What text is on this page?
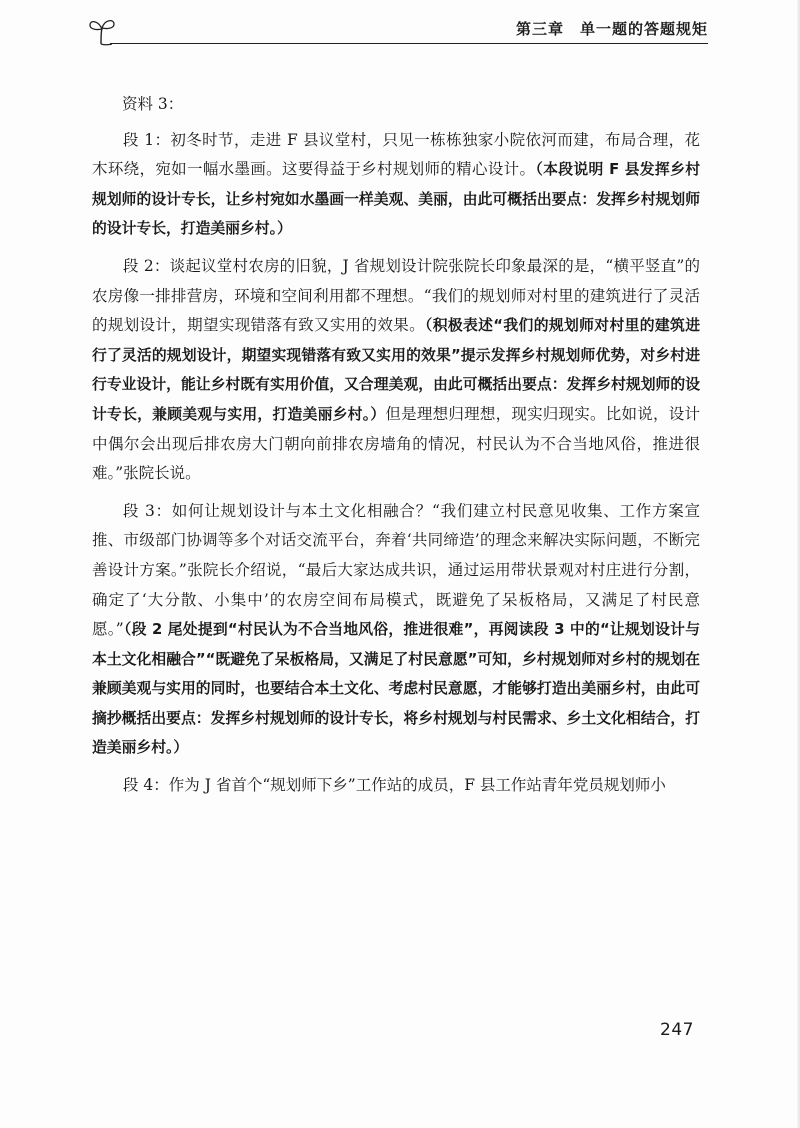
第三章 单一题的答题规矩

资料 3：

段 1：初冬时节，走进 F 县议堂村，只见一栋栋独家小院依河而建，布局合理，花木环绕，宛如一幅水墨画。这要得益于乡村规划师的精心设计。（本段说明 F 县发挥乡村规划师的设计专长，让乡村宛如水墨画一样美观、美丽，由此可概括出要点：发挥乡村规划师的设计专长，打造美丽乡村。）

段 2：谈起议堂村农房的旧貌，J 省规划设计院张院长印象最深的是，“横平竖直”的农房像一排排营房，环境和空间利用都不理想。“我们的规划师对村里的建筑进行了灵活的规划设计，期望实现错落有致又实用的效果。（积极表述“我们的规划师对村里的建筑进行了灵活的规划设计，期望实现错落有致又实用的效果”提示发挥乡村规划师优势，对乡村进行专业设计，能让乡村既有实用价值，又合理美观，由此可概括出要点：发挥乡村规划师的设计专长，兼顾美观与实用，打造美丽乡村。）但是理想归理想，现实归现实。比如说，设计中偶尔会出现后排农房大门朝向前排农房墙角的情况，村民认为不合当地风俗，推进很难。”张院长说。

段 3：如何让规划设计与本土文化相融合？“我们建立村民意见收集、工作方案宣推、市级部门协调等多个对话交流平台，奔着‘共同缔造’的理念来解决实际问题，不断完善设计方案。”张院长介绍说，“最后大家达成共识，通过运用带状景观对村庄进行分割，确定了‘大分散、小集中’的农房空间布局模式，既避免了呆板格局，又满足了村民意愿。”（段 2 尾处提到“村民认为不合当地风俗，推进很难”，再阅读段 3 中的“让规划设计与本土文化相融合”“既避免了呆板格局，又满足了村民意愿”可知，乡村规划师对乡村的规划在兼顾美观与实用的同时，也要结合本土文化、考虑村民意愿，才能够打造出美丽乡村，由此可摘抄概括出要点：发挥乡村规划师的设计专长，将乡村规划与村民需求、乡土文化相结合，打造美丽乡村。）

段 4：作为 J 省首个“规划师下乡”工作站的成员，F 县工作站青年党员规划师小

247
